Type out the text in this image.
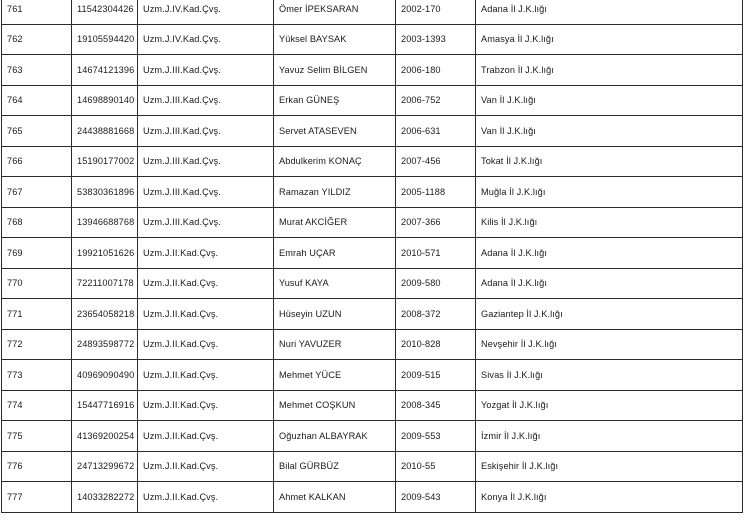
761	11542304426	Uzm.J.IV.Kad.Çvş.	Ömer İPEKSARAN	2002-170	Adana İl J.K.lığı
762	19105594420	Uzm.J.IV.Kad.Çvş.	Yüksel BAYSAK	2003-1393	Amasya İl J.K.lığı
763	14674121396	Uzm.J.III.Kad.Çvş.	Yavuz Selim BİLGEN	2006-180	Trabzon İl J.K.lığı
764	14698890140	Uzm.J.III.Kad.Çvş.	Erkan GÜNEŞ	2006-752	Van İl J.K.lığı
765	24438881668	Uzm.J.III.Kad.Çvş.	Servet ATASEVEN	2006-631	Van İl J.K.lığı
766	15190177002	Uzm.J.III.Kad.Çvş.	Abdulkerim KONAÇ	2007-456	Tokat İl J.K.lığı
767	53830361896	Uzm.J.III.Kad.Çvş.	Ramazan YILDIZ	2005-1188	Muğla İl J.K.lığı
768	13946688768	Uzm.J.III.Kad.Çvş.	Murat AKCİĞER	2007-366	Kilis İl J.K.lığı
769	19921051626	Uzm.J.II.Kad.Çvş.	Emrah UÇAR	2010-571	Adana İl J.K.lığı
770	72211007178	Uzm.J.II.Kad.Çvş.	Yusuf KAYA	2009-580	Adana İl J.K.lığı
771	23654058218	Uzm.J.II.Kad.Çvş.	Hüseyin UZUN	2008-372	Gaziantep İl J.K.lığı
772	24893598772	Uzm.J.II.Kad.Çvş.	Nuri YAVUZER	2010-828	Nevşehir İl J.K.lığı
773	40969090490	Uzm.J.II.Kad.Çvş.	Mehmet YÜCE	2009-515	Sivas İl J.K.lığı
774	15447716916	Uzm.J.II.Kad.Çvş.	Mehmet COŞKUN	2008-345	Yozgat İl J.K.lığı
775	41369200254	Uzm.J.II.Kad.Çvş.	Oğuzhan ALBAYRAK	2009-553	İzmir İl J.K.lığı
776	24713299672	Uzm.J.II.Kad.Çvş.	Bilal GÜRBÜZ	2010-55	Eskişehir İl J.K.lığı
777	14033282272	Uzm.J.II.Kad.Çvş.	Ahmet KALKAN	2009-543	Konya İl J.K.lığı
